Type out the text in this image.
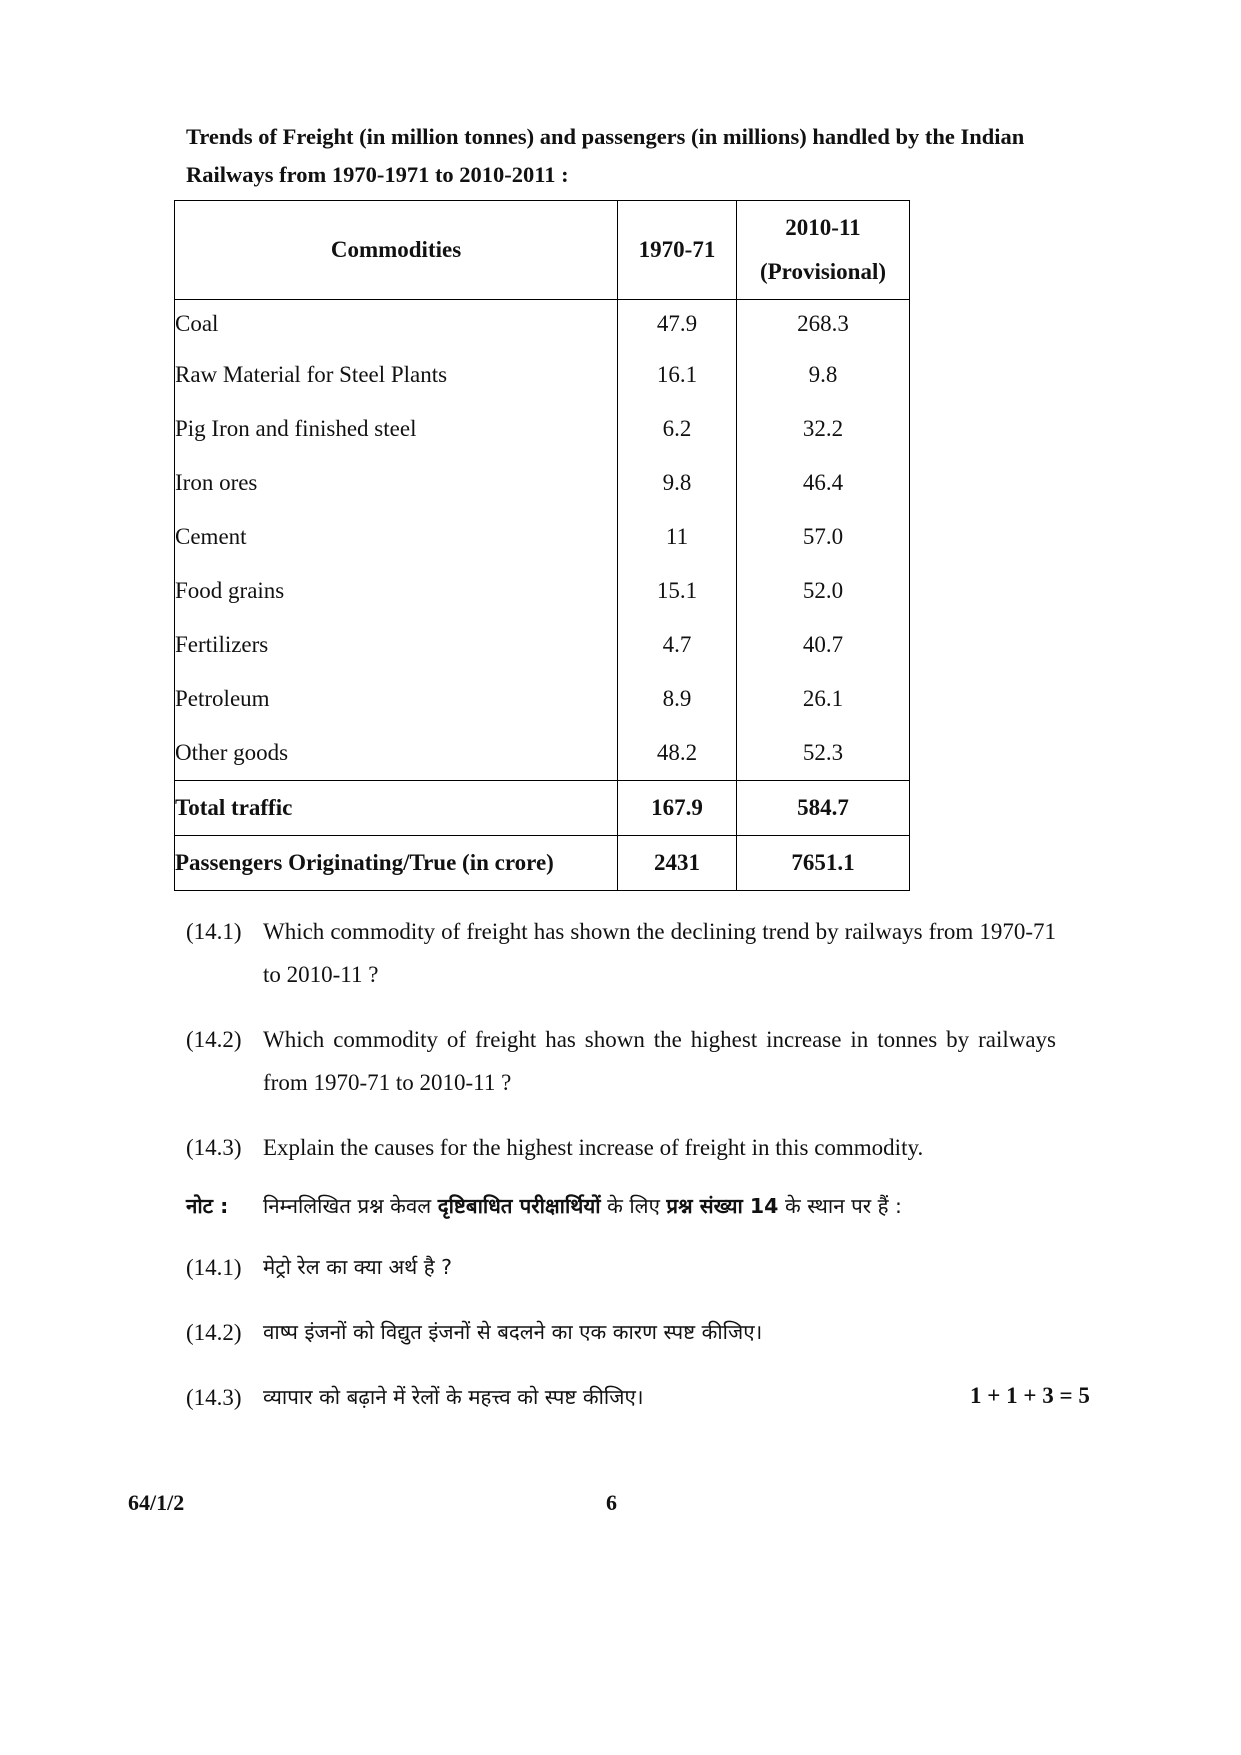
Trends of Freight (in million tonnes) and passengers (in millions) handled by the Indian Railways from 1970-1971 to 2010-2011 :
Commodities	1970-71	2010-11
(Provisional)

Coal	47.9	268.3
Raw Material for Steel Plants	16.1	9.8
Pig Iron and finished steel	6.2	32.2
Iron ores	9.8	46.4
Cement	11	57.0
Food grains	15.1	52.0
Fertilizers	4.7	40.7
Petroleum	8.9	26.1
Other goods	48.2	52.3
Total traffic	167.9	584.7
Passengers Originating/True (in crore)	2431	7651.1
(14.1) Which commodity of freight has shown the declining trend by railways from 1970-71 to 2010-11 ?
(14.2) Which commodity of freight has shown the highest increase in tonnes by railways from 1970-71 to 2010-11 ?
(14.3) Explain the causes for the highest increase of freight in this commodity.
नोट : निम्नलिखित प्रश्न केवल दृष्टिबाधित परीक्षार्थियों के लिए प्रश्न संख्या 14 के स्थान पर हैं :
(14.1) मेट्रो रेल का क्या अर्थ है ?
(14.2) वाष्प इंजनों को विद्युत इंजनों से बदलने का एक कारण स्पष्ट कीजिए।
(14.3) व्यापार को बढ़ाने में रेलों के महत्त्व को स्पष्ट कीजिए।	1 + 1 + 3 = 5
64/1/2	6
